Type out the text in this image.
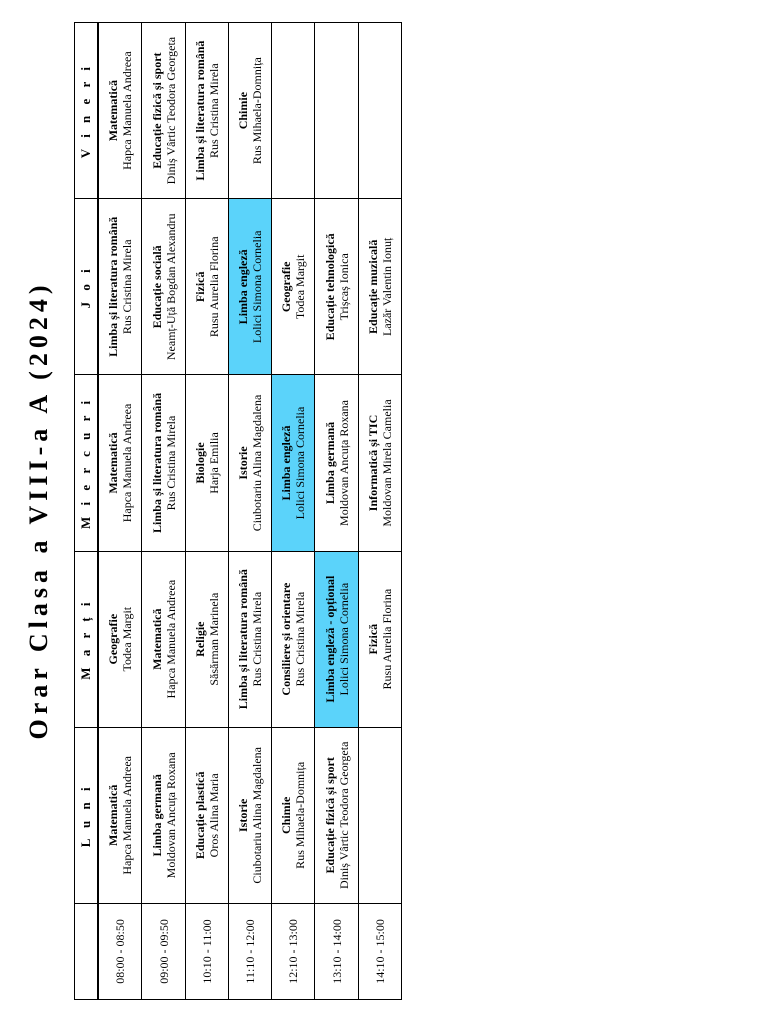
Orar Clasa a VIII-a A (2024)
	L u n i	M a r ț i	M i e r c u r i	J o i	V i n e r i
08:00 - 08:50	Matematică Hapca Manuela Andreea	Geografie Todea Margit	Matematică Hapca Manuela Andreea	Limba și literatura română Rus Cristina Mirela	Matematică Hapca Manuela Andreea

09:00 - 09:50	Limba germană Moldovan Ancuța Roxana	Matematică Hapca Manuela Andreea	Limba și literatura română Rus Cristina Mirela	Educație socială Neamț-Uță Bogdan Alexandru	Educație fizică și sport Diniș Vârtic Teodora Georgeta

10:10 - 11:00	Educație plastică Oros Alina Maria	Religie Săsărman Marinela	Biologie Harja Emilia	Fizică Rusu Aurelia Florina	Limba și literatura română Rus Cristina Mirela

11:10 - 12:00	Istorie Ciubotariu Alina Magdalena	Limba și literatura română Rus Cristina Mirela	Istorie Ciubotariu Alina Magdalena	Limba engleză Lolici Simona Cornelia	Chimie Rus Mihaela-Domnița

12:10 - 13:00	Chimie Rus Mihaela-Domnița	Consiliere și orientare Rus Cristina Mirela	Limba engleză Lolici Simona Cornelia	Geografie Todea Margit	

13:10 - 14:00	Educație fizică și sport Diniș Vârtic Teodora Georgeta	Limba engleză - opțional Lolici Simona Cornelia	Limba germană Moldovan Ancuța Roxana	Educație tehnologică Trișcaș Ionica	

14:10 - 15:00		Fizică Rusu Aurelia Florina	Informatică și TIC Moldovan Mirela Camelia	Educație muzicală Lazăr Valentin Ionuț	
